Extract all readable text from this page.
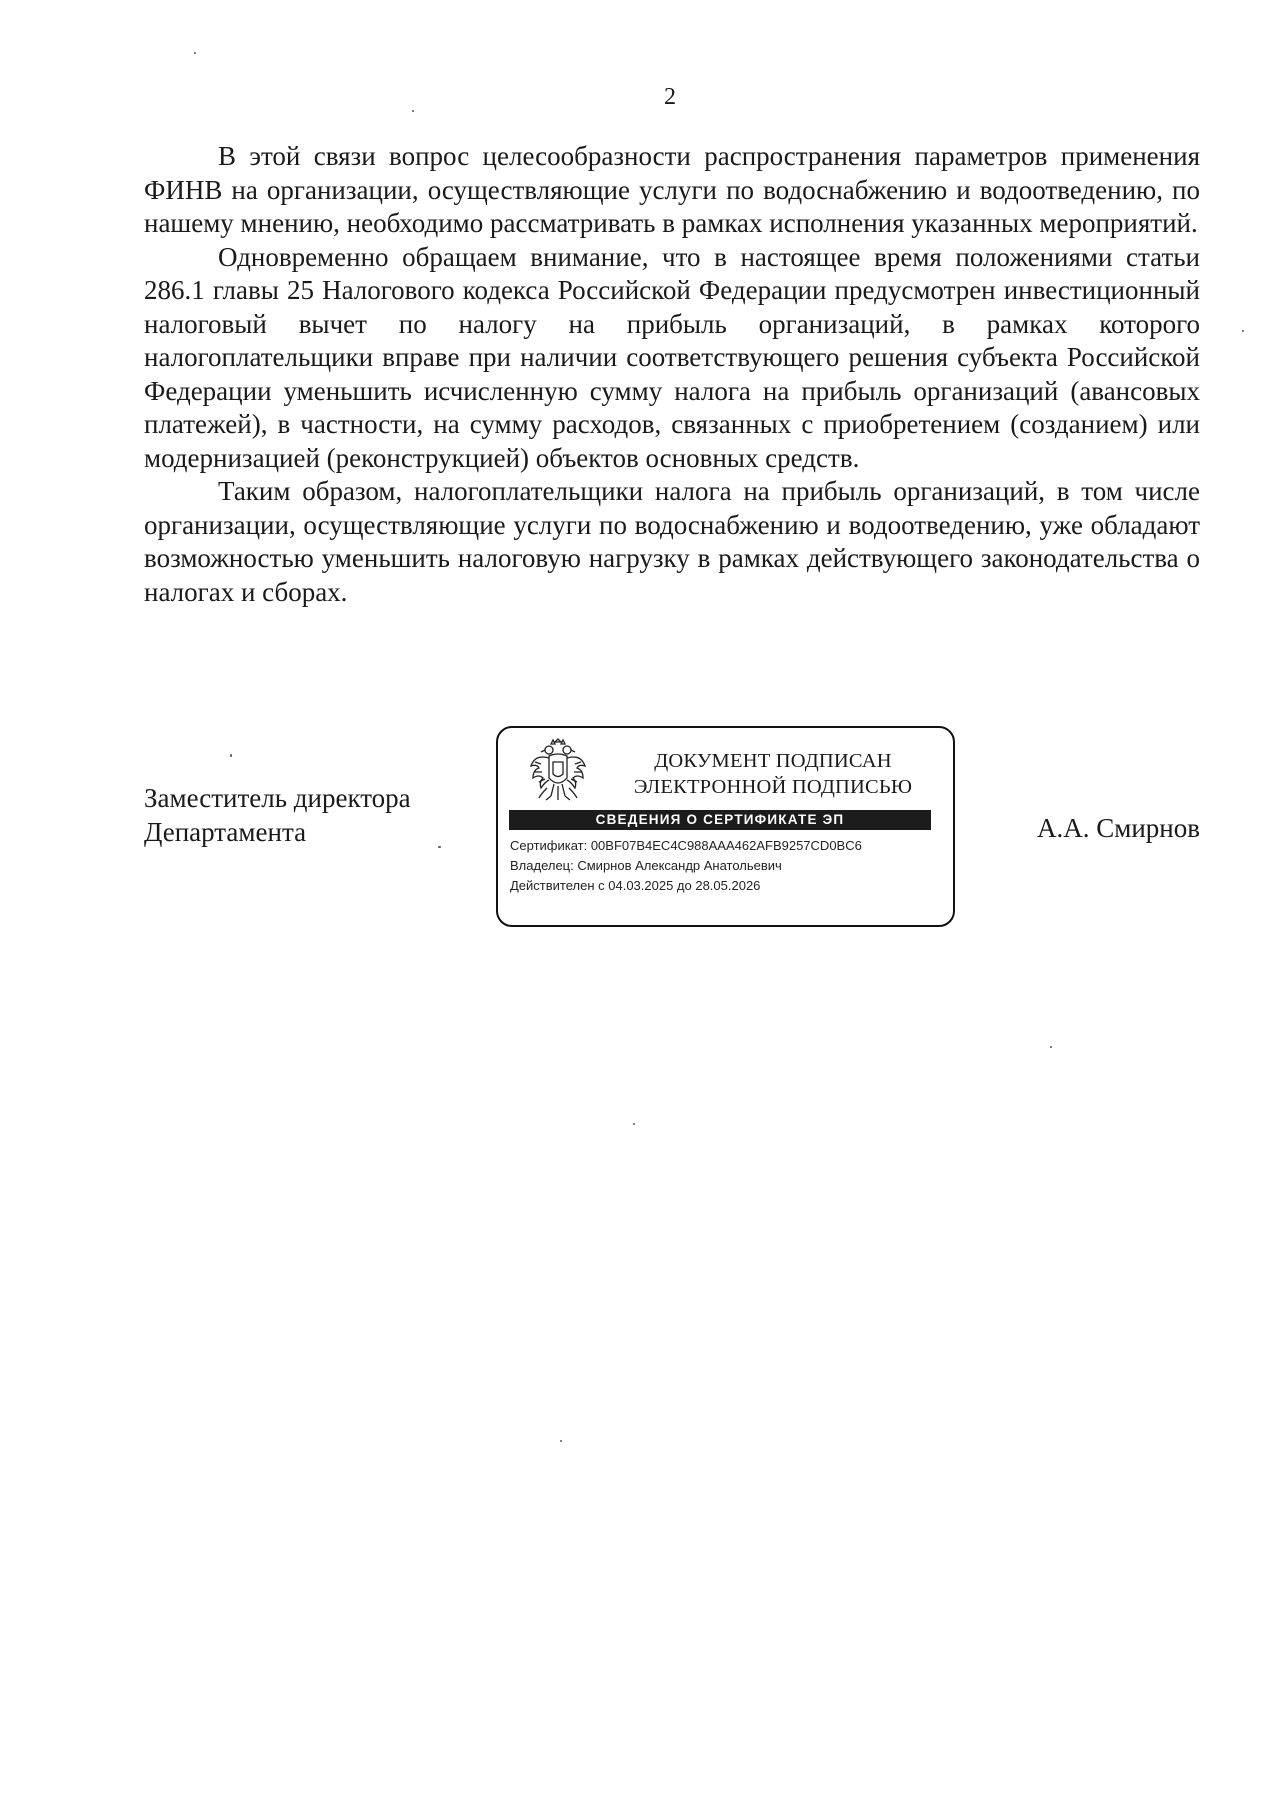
2

В этой связи вопрос целесообразности распространения параметров применения ФИНВ на организации, осуществляющие услуги по водоснабжению и водоотведению, по нашему мнению, необходимо рассматривать в рамках исполнения указанных мероприятий.

Одновременно обращаем внимание, что в настоящее время положениями статьи 286.1 главы 25 Налогового кодекса Российской Федерации предусмотрен инвестиционный налоговый вычет по налогу на прибыль организаций, в рамках которого налогоплательщики вправе при наличии соответствующего решения субъекта Российской Федерации уменьшить исчисленную сумму налога на прибыль организаций (авансовых платежей), в частности, на сумму расходов, связанных с приобретением (созданием) или модернизацией (реконструкцией) объектов основных средств.

Таким образом, налогоплательщики налога на прибыль организаций, в том числе организации, осуществляющие услуги по водоснабжению и водоотведению, уже обладают возможностью уменьшить налоговую нагрузку в рамках действующего законодательства о налогах и сборах.

Заместитель директора
Департамента
ДОКУМЕНТ ПОДПИСАН
ЭЛЕКТРОННОЙ ПОДПИСЬЮ
СВЕДЕНИЯ О СЕРТИФИКАТЕ ЭП
Сертификат: 00BF07B4EC4C988AAA462AFB9257CD0BC6
Владелец: Смирнов Александр Анатольевич
Действителен с 04.03.2025 до 28.05.2026
А.А. Смирнов
